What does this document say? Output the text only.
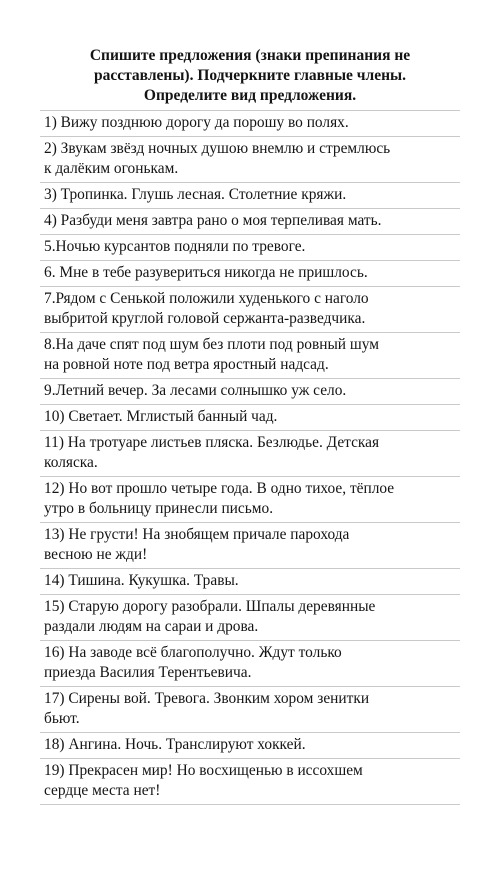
Спишите предложения (знаки препинания не
расставлены). Подчеркните главные члены.
Определите вид предложения.
1) Вижу позднюю дорогу да порошу во полях.
2) Звукам звёзд ночных душою внемлю и стремлюсь
к далёким огонькам.
3) Тропинка. Глушь лесная. Столетние кряжи.
4) Разбуди меня завтра рано о моя терпеливая мать.
5.Ночью курсантов подняли по тревоге.
6. Мне в тебе разувериться никогда не пришлось.
7.Рядом с Сенькой положили худенького с наголо
выбритой круглой головой сержанта-разведчика.
8.На даче спят под шум без плоти под ровный шум
на ровной ноте под ветра яростный надсад.
9.Летний вечер. За лесами солнышко уж село.
10) Светает. Мглистый банный чад.
11) На тротуаре листьев пляска. Безлюдье. Детская
коляска.
12) Но вот прошло четыре года. В одно тихое, тёплое
утро в больницу принесли письмо.
13) Не грусти! На знобящем причале парохода
весною не жди!
14) Тишина. Кукушка. Травы.
15) Старую дорогу разобрали. Шпалы деревянные
раздали людям на сараи и дрова.
16) На заводе всё благополучно. Ждут только
приезда Василия Терентьевича.
17) Сирены вой. Тревога. Звонким хором зенитки
бьют.
18) Ангина. Ночь. Транслируют хоккей.
19) Прекрасен мир! Но восхищенью в иссохшем
сердце места нет!
